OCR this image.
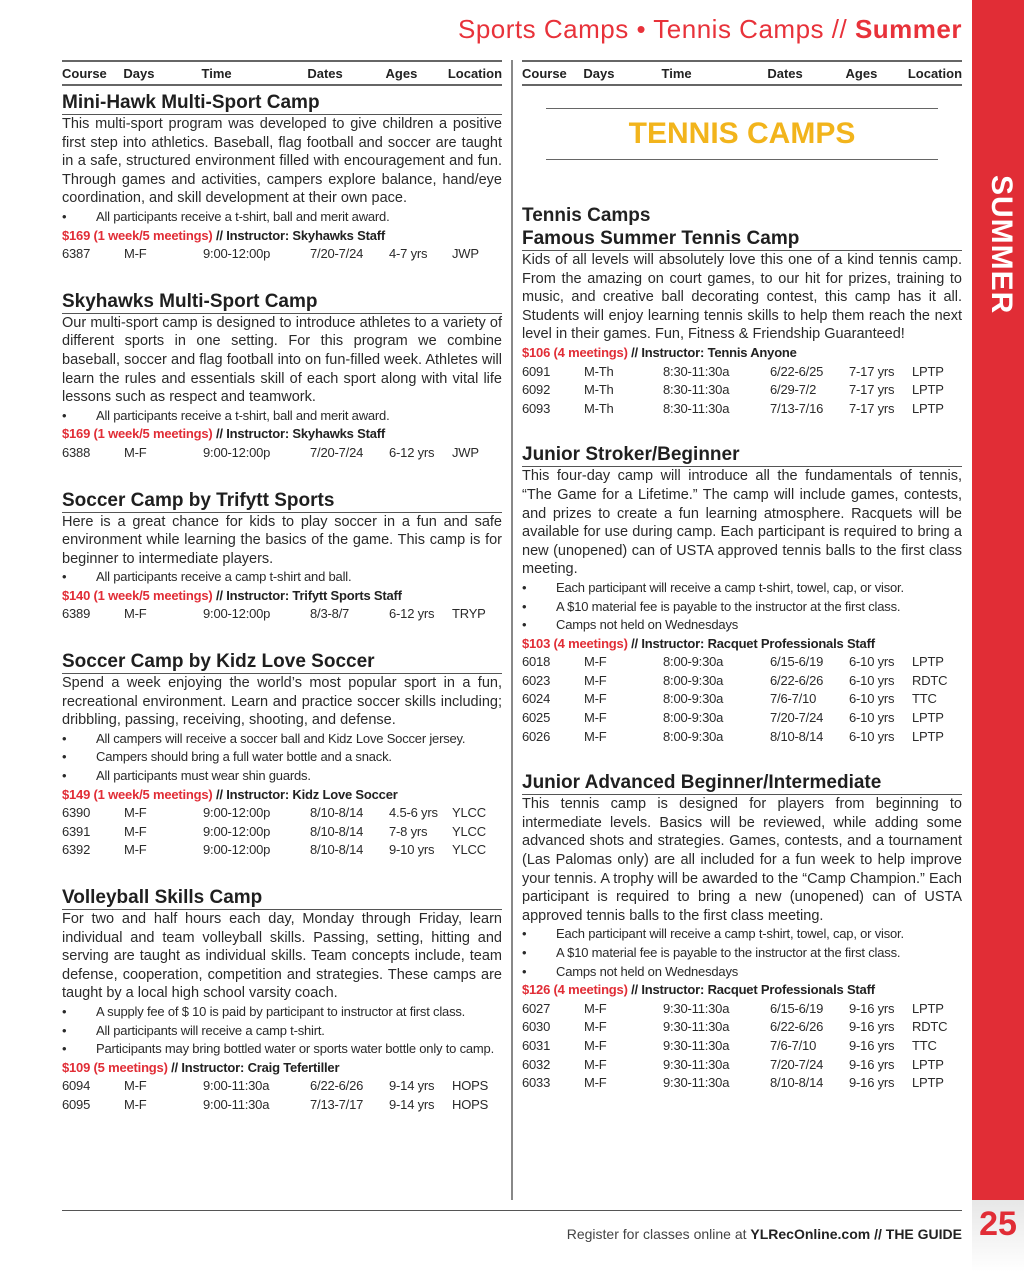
Sports Camps • Tennis Camps // Summer
SUMMER
Course	Days	Time	Dates	Ages	Location
Mini-Hawk Multi-Sport Camp
This multi-sport program was developed to give children a positive first step into athletics. Baseball, flag football and soccer are taught in a safe, structured environment filled with encouragement and fun. Through games and activities, campers explore balance, hand/eye coordination, and skill development at their own pace.
• All participants receive a t-shirt, ball and merit award.
$169 (1 week/5 meetings) // Instructor: Skyhawks Staff
6387	M-F	9:00-12:00p	7/20-7/24	4-7 yrs	JWP
Skyhawks Multi-Sport Camp
Our multi-sport camp is designed to introduce athletes to a variety of different sports in one setting. For this program we combine baseball, soccer and flag football into on fun-filled week. Athletes will learn the rules and essentials skill of each sport along with vital life lessons such as respect and teamwork.
• All participants receive a t-shirt, ball and merit award.
$169 (1 week/5 meetings) // Instructor: Skyhawks Staff
6388	M-F	9:00-12:00p	7/20-7/24	6-12 yrs	JWP
Soccer Camp by Trifytt Sports
Here is a great chance for kids to play soccer in a fun and safe environment while learning the basics of the game. This camp is for beginner to intermediate players.
• All participants receive a camp t-shirt and ball.
$140 (1 week/5 meetings) // Instructor: Trifytt Sports Staff
6389	M-F	9:00-12:00p	8/3-8/7	6-12 yrs	TRYP
Soccer Camp by Kidz Love Soccer
Spend a week enjoying the world’s most popular sport in a fun, recreational environment. Learn and practice soccer skills including; dribbling, passing, receiving, shooting, and defense.
• All campers will receive a soccer ball and Kidz Love Soccer jersey.
• Campers should bring a full water bottle and a snack.
• All participants must wear shin guards.
$149 (1 week/5 meetings) // Instructor: Kidz Love Soccer
6390	M-F	9:00-12:00p	8/10-8/14	4.5-6 yrs	YLCC
6391	M-F	9:00-12:00p	8/10-8/14	7-8 yrs	YLCC
6392	M-F	9:00-12:00p	8/10-8/14	9-10 yrs	YLCC
Volleyball Skills Camp
For two and half hours each day, Monday through Friday, learn individual and team volleyball skills. Passing, setting, hitting and serving are taught as individual skills. Team concepts include, team defense, cooperation, competition and strategies. These camps are taught by a local high school varsity coach.
• A supply fee of $ 10 is paid by participant to instructor at first class.
• All participants will receive a camp t-shirt.
• Participants may bring bottled water or sports water bottle only to camp.
$109 (5 meetings) // Instructor: Craig Tefertiller
6094	M-F	9:00-11:30a	6/22-6/26	9-14 yrs	HOPS
6095	M-F	9:00-11:30a	7/13-7/17	9-14 yrs	HOPS
Course	Days	Time	Dates	Ages	Location
TENNIS CAMPS
Tennis Camps
Famous Summer Tennis Camp
Kids of all levels will absolutely love this one of a kind tennis camp. From the amazing on court games, to our hit for prizes, training to music, and creative ball decorating contest, this camp has it all. Students will enjoy learning tennis skills to help them reach the next level in their games. Fun, Fitness & Friendship Guaranteed!
$106 (4 meetings) // Instructor: Tennis Anyone
6091	M-Th	8:30-11:30a	6/22-6/25	7-17 yrs	LPTP
6092	M-Th	8:30-11:30a	6/29-7/2	7-17 yrs	LPTP
6093	M-Th	8:30-11:30a	7/13-7/16	7-17 yrs	LPTP
Junior Stroker/Beginner
This four-day camp will introduce all the fundamentals of tennis, “The Game for a Lifetime.” The camp will include games, contests, and prizes to create a fun learning atmosphere. Racquets will be available for use during camp. Each participant is required to bring a new (unopened) can of USTA approved tennis balls to the first class meeting.
• Each participant will receive a camp t-shirt, towel, cap, or visor.
• A $10 material fee is payable to the instructor at the first class.
• Camps not held on Wednesdays
$103 (4 meetings) // Instructor: Racquet Professionals Staff
6018	M-F	8:00-9:30a	6/15-6/19	6-10 yrs	LPTP
6023	M-F	8:00-9:30a	6/22-6/26	6-10 yrs	RDTC
6024	M-F	8:00-9:30a	7/6-7/10	6-10 yrs	TTC
6025	M-F	8:00-9:30a	7/20-7/24	6-10 yrs	LPTP
6026	M-F	8:00-9:30a	8/10-8/14	6-10 yrs	LPTP
Junior Advanced Beginner/Intermediate
This tennis camp is designed for players from beginning to intermediate levels. Basics will be reviewed, while adding some advanced shots and strategies. Games, contests, and a tournament (Las Palomas only) are all included for a fun week to help improve your tennis. A trophy will be awarded to the “Camp Champion.” Each participant is required to bring a new (unopened) can of USTA approved tennis balls to the first class meeting.
• Each participant will receive a camp t-shirt, towel, cap, or visor.
• A $10 material fee is payable to the instructor at the first class.
• Camps not held on Wednesdays
$126 (4 meetings) // Instructor: Racquet Professionals Staff
6027	M-F	9:30-11:30a	6/15-6/19	9-16 yrs	LPTP
6030	M-F	9:30-11:30a	6/22-6/26	9-16 yrs	RDTC
6031	M-F	9:30-11:30a	7/6-7/10	9-16 yrs	TTC
6032	M-F	9:30-11:30a	7/20-7/24	9-16 yrs	LPTP
6033	M-F	9:30-11:30a	8/10-8/14	9-16 yrs	LPTP
Register for classes online at YLRecOnline.com // THE GUIDE 25
